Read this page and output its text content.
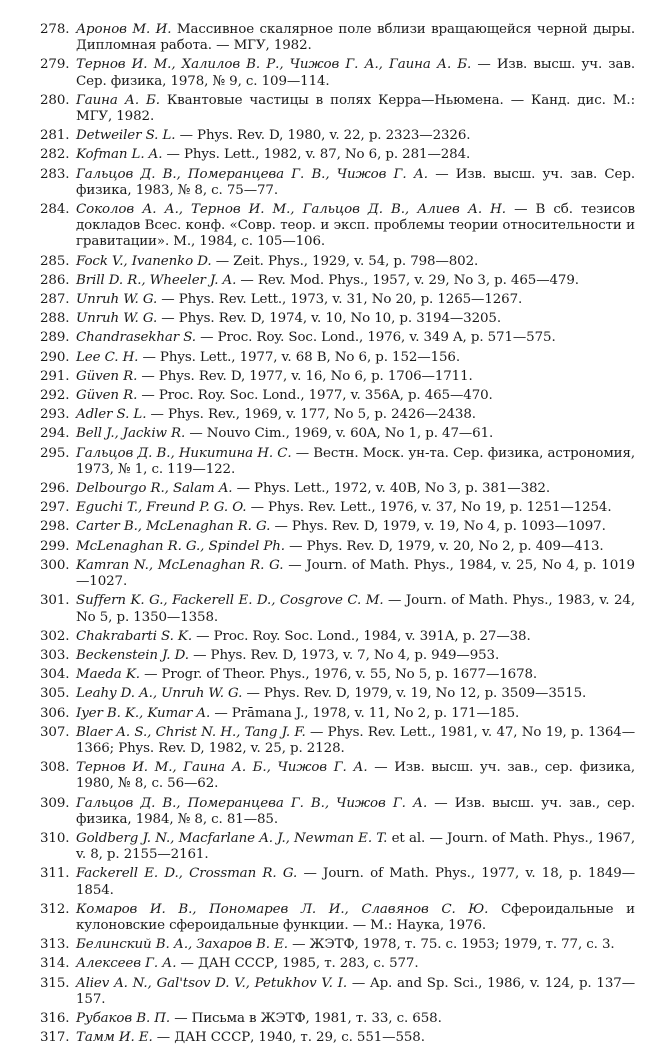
278. Аронов М. И. Массивное скалярное поле вблизи вращающейся черной дыры. Дипломная работа. — МГУ, 1982.
279. Тернов И. М., Халилов В. Р., Чижов Г. А., Гаина А. Б. — Изв. высш. уч. зав. Сер. физика, 1978, № 9, с. 109—114.
280. Гаина А. Б. Квантовые частицы в полях Керра—Ньюмена. — Канд. дис. М.: МГУ, 1982.
281. Detweiler S. L. — Phys. Rev. D, 1980, v. 22, p. 2323—2326.
282. Kofman L. A. — Phys. Lett., 1982, v. 87, No 6, p. 281—284.
283. Гальцов Д. В., Померанцева Г. В., Чижов Г. А. — Изв. высш. уч. зав. Сер. физика, 1983, № 8, с. 75—77.
284. Соколов А. А., Тернов И. М., Гальцов Д. В., Алиев А. Н. — В сб. тезисов докладов Всес. конф. «Совр. теор. и эксп. проблемы теории относительности и гравитации». М., 1984, с. 105—106.
285. Fock V., Ivanenko D. — Zeit. Phys., 1929, v. 54, p. 798—802.
286. Brill D. R., Wheeler J. A. — Rev. Mod. Phys., 1957, v. 29, No 3, p. 465—479.
287. Unruh W. G. — Phys. Rev. Lett., 1973, v. 31, No 20, p. 1265—1267.
288. Unruh W. G. — Phys. Rev. D, 1974, v. 10, No 10, p. 3194—3205.
289. Chandrasekhar S. — Proc. Roy. Soc. Lond., 1976, v. 349 A, p. 571—575.
290. Lee C. H. — Phys. Lett., 1977, v. 68 B, No 6, p. 152—156.
291. Güven R. — Phys. Rev. D, 1977, v. 16, No 6, p. 1706—1711.
292. Güven R. — Proc. Roy. Soc. Lond., 1977, v. 356A, p. 465—470.
293. Adler S. L. — Phys. Rev., 1969, v. 177, No 5, p. 2426—2438.
294. Bell J., Jackiw R. — Nouvo Cim., 1969, v. 60A, No 1, p. 47—61.
295. Гальцов Д. В., Никитина Н. С. — Вестн. Моск. ун-та. Сер. физика, астрономия, 1973, № 1, с. 119—122.
296. Delbourgo R., Salam A. — Phys. Lett., 1972, v. 40B, No 3, p. 381—382.
297. Eguchi T., Freund P. G. O. — Phys. Rev. Lett., 1976, v. 37, No 19, p. 1251—1254.
298. Carter B., McLenaghan R. G. — Phys. Rev. D, 1979, v. 19, No 4, p. 1093—1097.
299. McLenaghan R. G., Spindel Ph. — Phys. Rev. D, 1979, v. 20, No 2, p. 409—413.
300. Kamran N., McLenaghan R. G. — Journ. of Math. Phys., 1984, v. 25, No 4, p. 1019—1027.
301. Suffern K. G., Fackerell E. D., Cosgrove C. M. — Journ. of Math. Phys., 1983, v. 24, No 5, p. 1350—1358.
302. Chakrabarti S. K. — Proc. Roy. Soc. Lond., 1984, v. 391A, p. 27—38.
303. Beckenstein J. D. — Phys. Rev. D, 1973, v. 7, No 4, p. 949—953.
304. Maeda K. — Progr. of Theor. Phys., 1976, v. 55, No 5, p. 1677—1678.
305. Leahy D. A., Unruh W. G. — Phys. Rev. D, 1979, v. 19, No 12, p. 3509—3515.
306. Iyer B. K., Kumar A. — Prāmana J., 1978, v. 11, No 2, p. 171—185.
307. Blaer A. S., Christ N. H., Tang J. F. — Phys. Rev. Lett., 1981, v. 47, No 19, p. 1364—1366; Phys. Rev. D, 1982, v. 25, p. 2128.
308. Тернов И. М., Гаина А. Б., Чижов Г. А. — Изв. высш. уч. зав., сер. физика, 1980, № 8, с. 56—62.
309. Гальцов Д. В., Померанцева Г. В., Чижов Г. А. — Изв. высш. уч. зав., сер. физика, 1984, № 8, с. 81—85.
310. Goldberg J. N., Macfarlane A. J., Newman E. T. et al. — Journ. of Math. Phys., 1967, v. 8, p. 2155—2161.
311. Fackerell E. D., Crossman R. G. — Journ. of Math. Phys., 1977, v. 18, p. 1849—1854.
312. Комаров И. В., Пономарев Л. И., Славянов С. Ю. Сфероидальные и кулоновские сфероидальные функции. — М.: Наука, 1976.
313. Белинский В. А., Захаров В. Е. — ЖЭТФ, 1978, т. 75. с. 1953; 1979, т. 77, с. 3.
314. Алексеев Г. А. — ДАН СССР, 1985, т. 283, с. 577.
315. Aliev A. N., Gal'tsov D. V., Petukhov V. I. — Ap. and Sp. Sci., 1986, v. 124, p. 137—157.
316. Рубаков В. П. — Письма в ЖЭТФ, 1981, т. 33, с. 658.
317. Тамм И. Е. — ДАН СССР, 1940, т. 29, с. 551—558.
